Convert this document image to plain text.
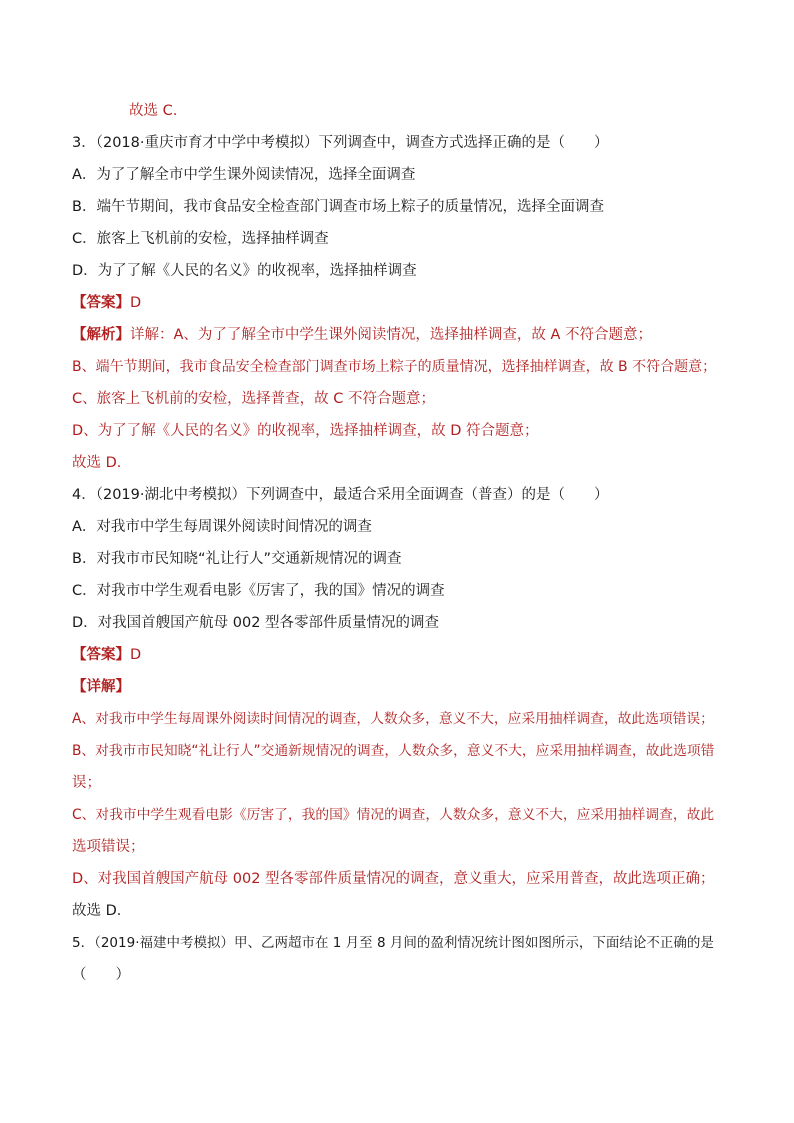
故选 C.
3．（2018·重庆市育才中学中考模拟）下列调查中，调查方式选择正确的是（　　）
A．为了了解全市中学生课外阅读情况，选择全面调查
B．端午节期间，我市食品安全检查部门调查市场上粽子的质量情况，选择全面调查
C．旅客上飞机前的安检，选择抽样调查
D．为了了解《人民的名义》的收视率，选择抽样调查
【答案】D
【解析】详解：A、为了了解全市中学生课外阅读情况，选择抽样调查，故 A 不符合题意；
B、端午节期间，我市食品安全检查部门调查市场上粽子的质量情况，选择抽样调查，故 B 不符合题意；
C、旅客上飞机前的安检，选择普查，故 C 不符合题意；
D、为了了解《人民的名义》的收视率，选择抽样调查，故 D 符合题意；
故选 D．
4．（2019·湖北中考模拟）下列调查中，最适合采用全面调查（普查）的是（　　）
A．对我市中学生每周课外阅读时间情况的调查
B．对我市市民知晓“礼让行人”交通新规情况的调查
C．对我市中学生观看电影《厉害了，我的国》情况的调查
D．对我国首艘国产航母 002 型各零部件质量情况的调查
【答案】D
【详解】
A、对我市中学生每周课外阅读时间情况的调查，人数众多，意义不大，应采用抽样调查，故此选项错误；
B、对我市市民知晓“礼让行人”交通新规情况的调查，人数众多，意义不大，应采用抽样调查，故此选项错
误；
C、对我市中学生观看电影《厉害了，我的国》情况的调查，人数众多，意义不大，应采用抽样调查，故此
选项错误；
D、对我国首艘国产航母 002 型各零部件质量情况的调查，意义重大，应采用普查，故此选项正确；
故选 D．
5．（2019·福建中考模拟）甲、乙两超市在 1 月至 8 月间的盈利情况统计图如图所示，下面结论不正确的是
（　　）
